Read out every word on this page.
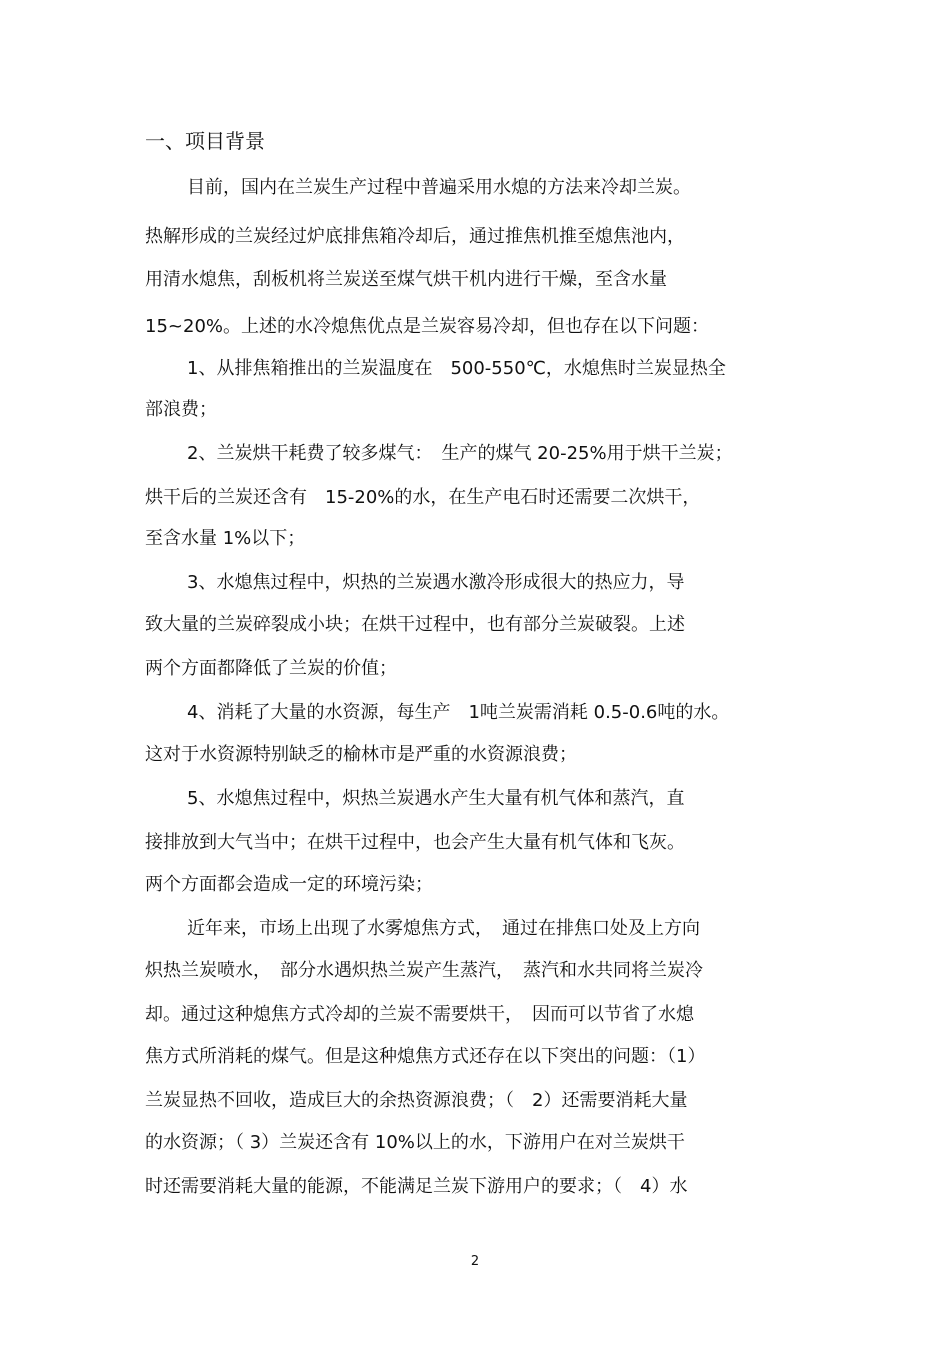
一、项目背景

目前，国内在兰炭生产过程中普遍采用水熄的方法来冷却兰炭。

热解形成的兰炭经过炉底排焦箱冷却后，通过推焦机推至熄焦池内，

用清水熄焦，刮板机将兰炭送至煤气烘干机内进行干燥，至含水量

15~20%。上述的水冷熄焦优点是兰炭容易冷却，但也存在以下问题：

1、从排焦箱推出的兰炭温度在　500-550℃，水熄焦时兰炭显热全

部浪费；

2、兰炭烘干耗费了较多煤气：　生产的煤气 20-25%用于烘干兰炭；

烘干后的兰炭还含有　15-20%的水，在生产电石时还需要二次烘干，

至含水量 1%以下；

3、水熄焦过程中，炽热的兰炭遇水激冷形成很大的热应力，导

致大量的兰炭碎裂成小块；在烘干过程中，也有部分兰炭破裂。上述

两个方面都降低了兰炭的价值；

4、消耗了大量的水资源，每生产　1吨兰炭需消耗 0.5-0.6吨的水。

这对于水资源特别缺乏的榆林市是严重的水资源浪费；

5、水熄焦过程中，炽热兰炭遇水产生大量有机气体和蒸汽，直

接排放到大气当中；在烘干过程中，也会产生大量有机气体和飞灰。

两个方面都会造成一定的环境污染；

近年来，市场上出现了水雾熄焦方式，　通过在排焦口处及上方向

炽热兰炭喷水，　部分水遇炽热兰炭产生蒸汽，　蒸汽和水共同将兰炭冷

却。通过这种熄焦方式冷却的兰炭不需要烘干，　因而可以节省了水熄

焦方式所消耗的煤气。但是这种熄焦方式还存在以下突出的问题：（1）

兰炭显热不回收，造成巨大的余热资源浪费；（　2）还需要消耗大量

的水资源；（ 3）兰炭还含有 10%以上的水，下游用户在对兰炭烘干

时还需要消耗大量的能源，不能满足兰炭下游用户的要求；（　4）水

2
